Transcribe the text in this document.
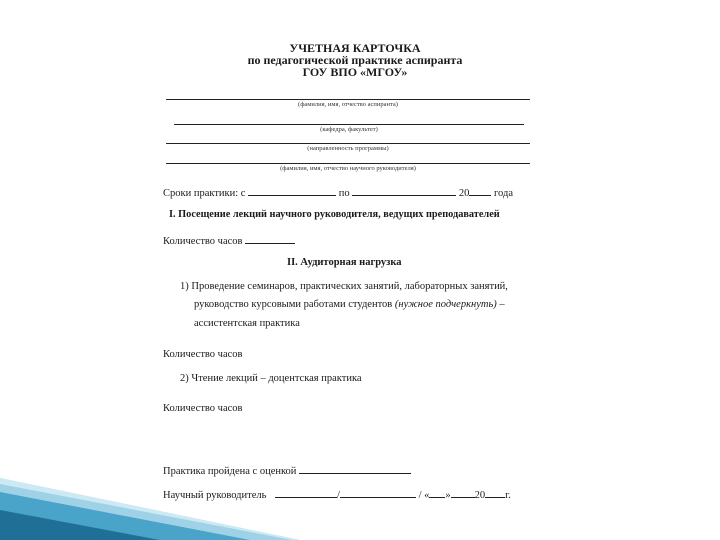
УЧЕТНАЯ КАРТОЧКА
по педагогической практике аспиранта
ГОУ ВПО «МГОУ»
(фамилия, имя, отчество аспиранта)
(кафедра, факультет)
(направленность программы)
(фамилия, имя, отчество научного руководителя)
Сроки практики: с	по	20 года
I. Посещение лекций научного руководителя, ведущих преподавателей
Количество часов
II. Аудиторная нагрузка
1) Проведение семинаров, практических занятий, лабораторных занятий,
руководство курсовыми работами студентов (нужное подчеркнуть) –
ассистентская практика
Количество часов
2) Чтение лекций – доцентская практика
Количество часов
Практика пройдена с оценкой
Научный руководитель	/	/ « » 20 г.
